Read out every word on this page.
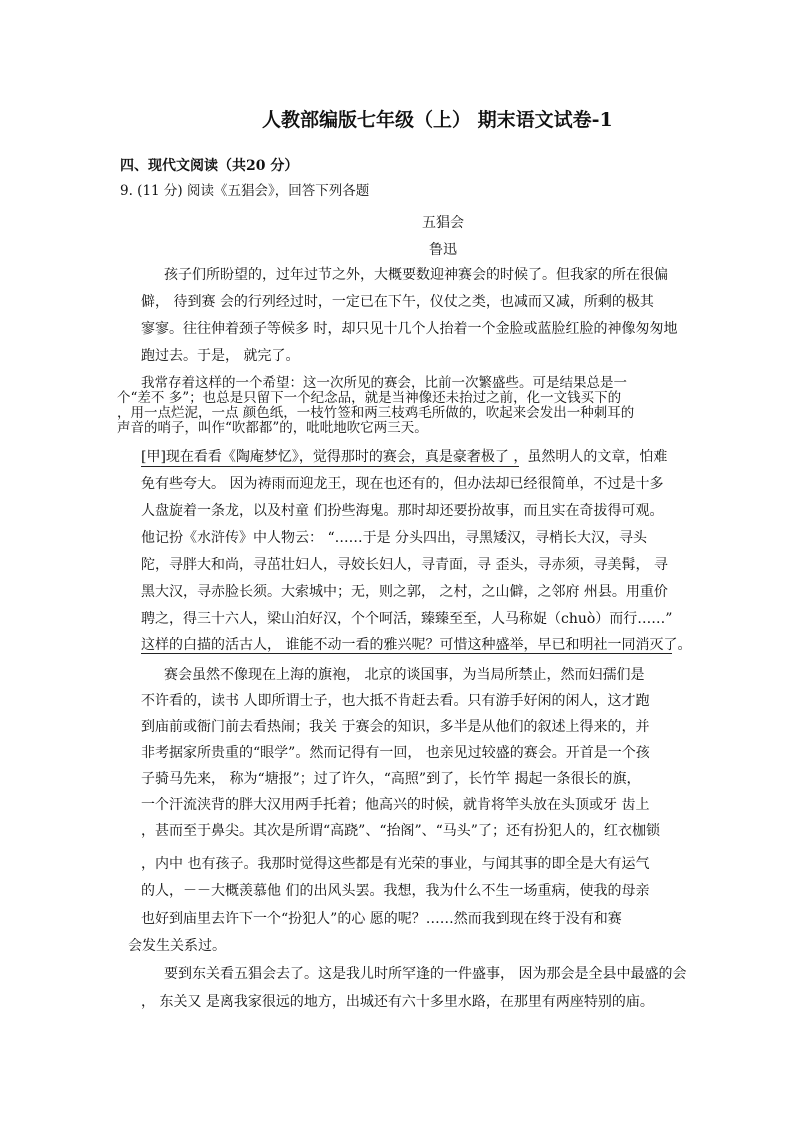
人教部编版七年级（上） 期末语文试卷-1
四、现代文阅读（共20 分）
9. (11 分) 阅读《五猖会》，回答下列各题
五猖会
鲁迅
孩子们所盼望的，过年过节之外，大概要数迎神赛会的时候了。但我家的所在很偏
僻， 待到赛 会的行列经过时，一定已在下午，仪仗之类，也减而又减，所剩的极其
寥寥。往往伸着颈子等候多 时，却只见十几个人抬着一个金脸或蓝脸红脸的神像匆匆地
跑过去。于是， 就完了。
我常存着这样的一个希望：这一次所见的赛会，比前一次繁盛些。可是结果总是一
个“差不 多”；也总是只留下一个纪念品，就是当神像还未抬过之前，化一文钱买下的
，用一点烂泥，一点 颜色纸，一枝竹签和两三枝鸡毛所做的，吹起来会发出一种刺耳的
声音的哨子，叫作“吹都都”的，吡吡地吹它两三天。
[甲]现在看看《陶庵梦忆》，觉得那时的赛会，真是豪奢极了 ，虽然明人的文章，怕难
免有些夸大。 因为祷雨而迎龙王，现在也还有的，但办法却已经很简单，不过是十多
人盘旋着一条龙，以及村童 们扮些海鬼。那时却还要扮故事，而且实在奇拔得可观。
他记扮《水浒传》中人物云： “……于是 分头四出，寻黑矮汉，寻梢长大汉，寻头
陀，寻胖大和尚，寻茁壮妇人，寻姣长妇人，寻青面，寻 歪头，寻赤须，寻美髯， 寻
黑大汉，寻赤脸长须。大索城中；无，则之郭， 之村，之山僻，之邻府 州县。用重价
聘之，得三十六人，梁山泊好汉，个个呵活，臻臻至至，人马称娖（chuò）而行……”
这样的白描的活古人， 谁能不动一看的雅兴呢？可惜这种盛举，早已和明社一同消灭了。
赛会虽然不像现在上海的旗袍， 北京的谈国事，为当局所禁止，然而妇孺们是
不许看的，读书 人即所谓士子，也大抵不肯赶去看。只有游手好闲的闲人，这才跑
到庙前或衙门前去看热闹；我关 于赛会的知识，多半是从他们的叙述上得来的，并
非考据家所贵重的“眼学”。然而记得有一回， 也亲见过较盛的赛会。开首是一个孩
子骑马先来， 称为“塘报”；过了许久，“高照”到了，长竹竿 揭起一条很长的旗，
一个汗流浃背的胖大汉用两手托着；他高兴的时候，就肯将竿头放在头顶或牙 齿上
，甚而至于鼻尖。其次是所谓“高跷”、“抬阁”、“马头”了；还有扮犯人的，红衣枷锁
，内中 也有孩子。我那时觉得这些都是有光荣的事业，与闻其事的即全是大有运气
的人，－－大概羡慕他 们的出风头罢。我想，我为什么不生一场重病，使我的母亲
也好到庙里去许下一个“扮犯人”的心 愿的呢？……然而我到现在终于没有和赛
会发生关系过。
要到东关看五猖会去了。这是我儿时所罕逢的一件盛事， 因为那会是全县中最盛的会
， 东关又 是离我家很远的地方，出城还有六十多里水路，在那里有两座特别的庙。
